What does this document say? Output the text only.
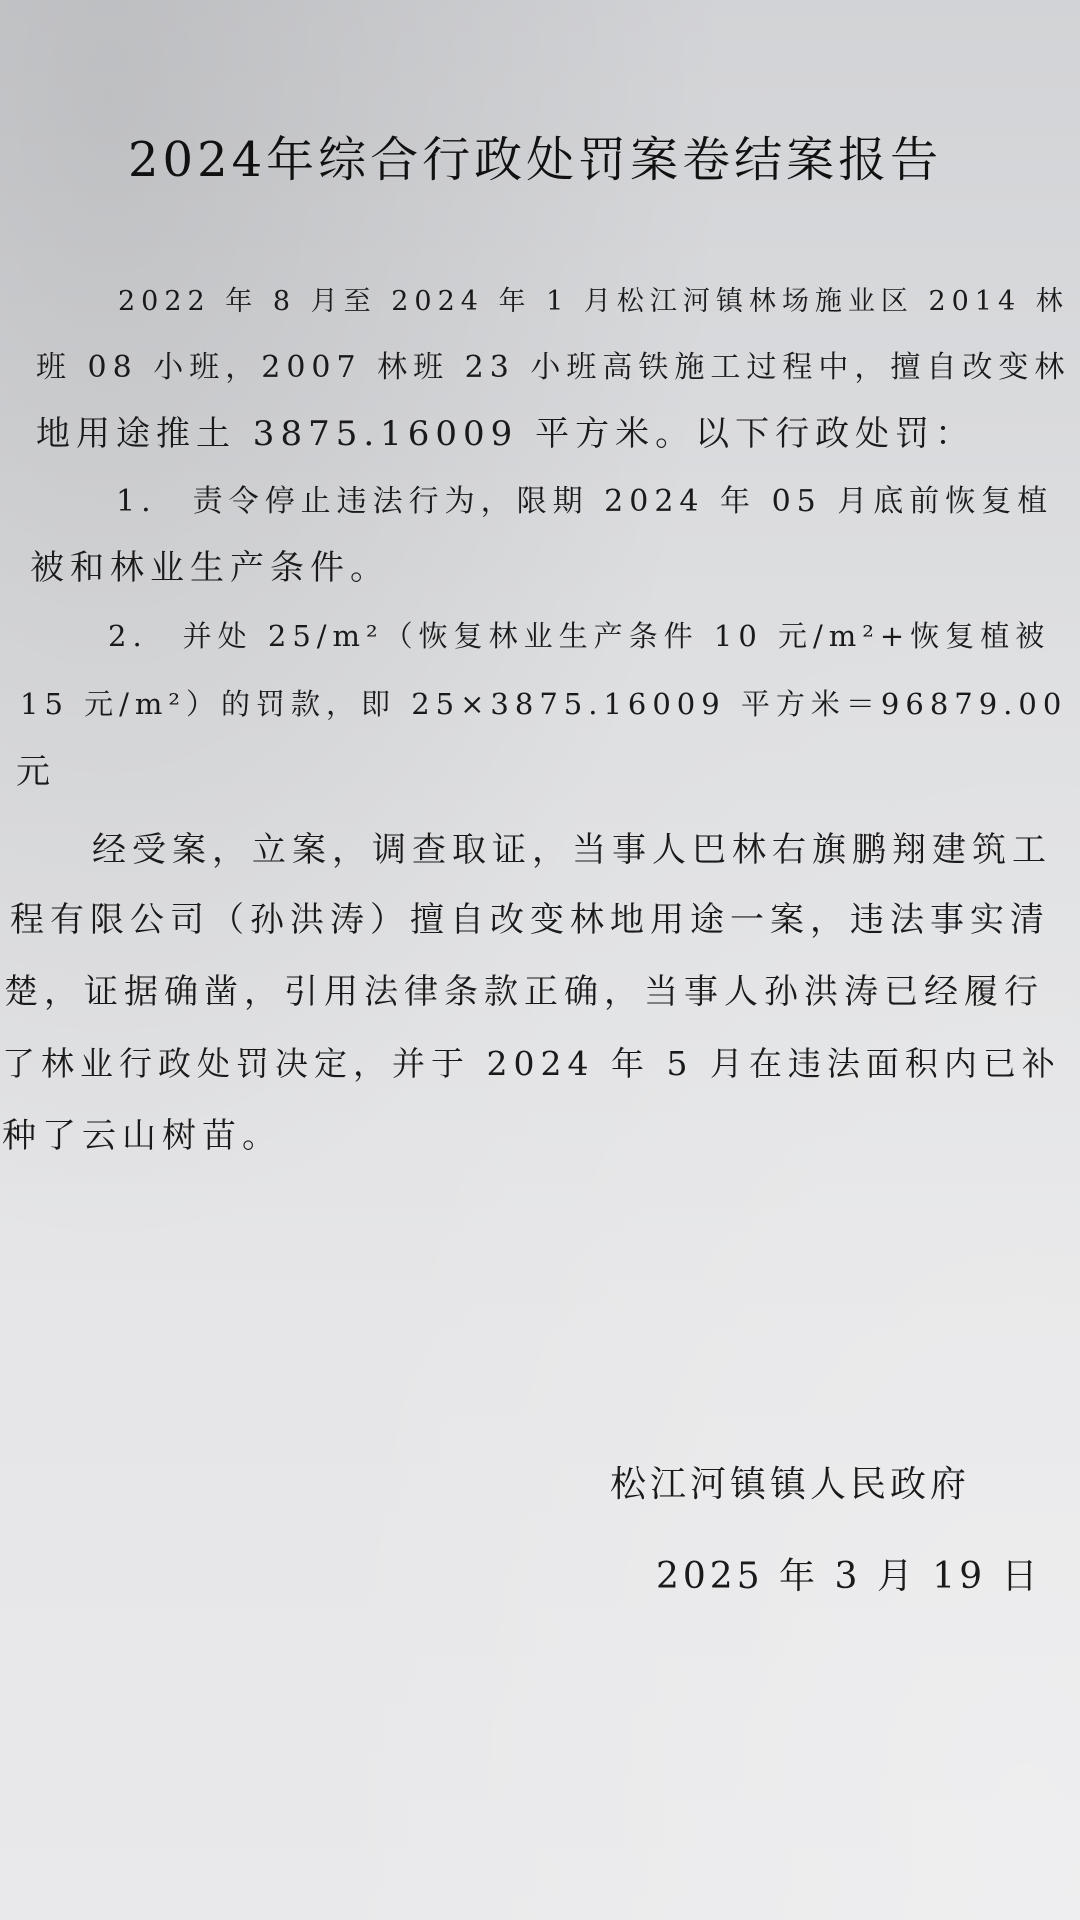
2024年综合行政处罚案卷结案报告
2022 年 8 月至 2024 年 1 月松江河镇林场施业区 2014 林
班 08 小班，2007 林班 23 小班高铁施工过程中，擅自改变林
地用途推土 3875.16009 平方米。以下行政处罚：
1.　责令停止违法行为，限期 2024 年 05 月底前恢复植
被和林业生产条件。
2.　并处 25/m²（恢复林业生产条件 10 元/m²+恢复植被
15 元/m²）的罚款，即 25×3875.16009 平方米＝96879.00
元
经受案，立案，调查取证，当事人巴林右旗鹏翔建筑工
程有限公司（孙洪涛）擅自改变林地用途一案，违法事实清
楚，证据确凿，引用法律条款正确，当事人孙洪涛已经履行
了林业行政处罚决定，并于 2024 年 5 月在违法面积内已补
种了云山树苗。
松江河镇镇人民政府
2025 年 3 月 19 日
